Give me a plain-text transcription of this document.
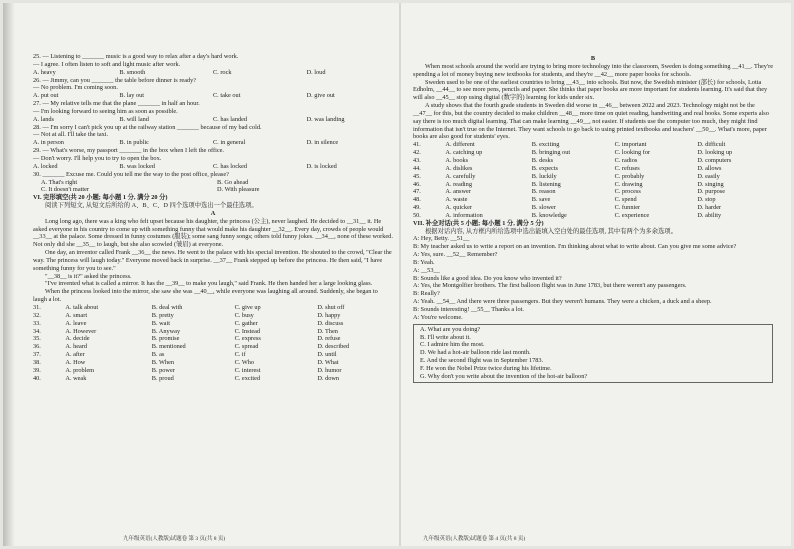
25. — Listening to _______ music is a good way to relax after a day's hard work.
— I agree. I often listen to soft and light music after work.
A. heavy	B. smooth	C. rock	D. loud
26. — Jimmy, can you _______ the table before dinner is ready?
— No problem. I'm coming soon.
A. put out	B. lay out	C. take out	D. give out
27. — My relative tells me that the plane _______ in half an hour.
— I'm looking forward to seeing him as soon as possible.
A. lands	B. will land	C. has landed	D. was landing
28. — I'm sorry I can't pick you up at the railway station _______ because of my bad cold.
— Not at all. I'll take the taxi.
A. in person	B. in public	C. in general	D. in silence
29. — What's worse, my passport _______ in the box when I left the office.
— Don't worry. I'll help you to try to open the box.
A. locked	B. was locked	C. has locked	D. is locked
30. _______ Excuse me. Could you tell me the way to the post office, please?
A. That's right	B. Go ahead
C. It doesn't matter	D. With pleasure
VI. 完形填空(共 20 小题; 每小题 1 分, 满分 20 分)
阅读下列短文, 从短文后所给的 A、B、C、D 四个选项中选出一个最佳选项。
A
Long long ago, there was a king who felt upset because his daughter, the princess (公主), never laughed. He decided to __31__ it. He asked everyone in his country to come up with something funny that would make his daughter __32__. Every day, crowds of people would __33__ at the palace. Some dressed in funny costumes (服装); some sang funny songs; others told funny jokes. __34__, none of these worked. Not only did she __35__ to laugh, but she also scowled (皱眉) at everyone.
One day, an inventor called Frank __36__ the news. He went to the palace with his special invention. He shouted to the crowd, "Clear the way. The princess will laugh today." Everyone moved back in surprise. __37__ Frank stepped up before the princess. He then said, "I have something funny for you to see."
"__38__ is it?" asked the princess.
"I've invented what is called a mirror. It has the __39__ to make you laugh," said Frank. He then handed her a large looking glass.
When the princess looked into the mirror, she saw she was __40__, while everyone was laughing all around. Suddenly, she began to laugh a lot.
31.	A. talk about	B. deal with	C. give up	D. shut off
32.	A. smart	B. pretty	C. busy	D. happy
33.	A. leave	B. wait	C. gather	D. discuss
34.	A. However	B. Anyway	C. Instead	D. Then
35.	A. decide	B. promise	C. express	D. refuse
36.	A. heard	B. mentioned	C. spread	D. described
37.	A. after	B. as	C. if	D. until
38.	A. How	B. When	C. Who	D. What
39.	A. problem	B. power	C. interest	D. humor
40.	A. weak	B. proud	C. excited	D. down
九年级英语(人教版)试题卷 第 3 页(共 8 页)
B
When most schools around the world are trying to bring more technology into the classroom, Sweden is doing something __41__. They're spending a lot of money buying new textbooks for students, and they're __42__ more paper books for schools.
Sweden used to be one of the earliest countries to bring __43__ into schools. But now, the Swedish minister (部长) for schools, Lotta Edholm, __44__ to see more pens, pencils and paper. She thinks that paper books are more important for students learning. It's said that they will also __45__ stop using digital (数字的) learning for kids under six.
A study shows that the fourth grade students in Sweden did worse in __46__ between 2022 and 2023. Technology might not be the __47__ for this, but the country decided to make children __48__ more time on quiet reading, handwriting and real books. Some experts also say there is too much digital learning. That can make learning __49__, not easier. If students use the computer too much, they might find information that isn't true on the Internet. They want schools to go back to using printed textbooks and teachers' __50__. What's more, paper books are also good for students' eyes.
41.	A. different	B. exciting	C. important	D. difficult
42.	A. catching up	B. bringing out	C. looking for	D. looking up
43.	A. books	B. desks	C. radios	D. computers
44.	A. dislikes	B. expects	C. refuses	D. allows
45.	A. carefully	B. luckily	C. probably	D. easily
46.	A. reading	B. listening	C. drawing	D. singing
47.	A. answer	B. reason	C. process	D. purpose
48.	A. waste	B. save	C. spend	D. stop
49.	A. quicker	B. slower	C. funnier	D. harder
50.	A. information	B. knowledge	C. experience	D. ability
VII. 补全对话(共 5 小题; 每小题 1 分, 满分 5 分)
根据对话内容, 从方框内所给选项中选出能填入空白处的最佳选项, 其中有两个为多余选项。
A: Hey, Betty. __51__
B: My teacher asked us to write a report on an invention. I'm thinking about what to write about. Can you give me some advice?
A: Yes, sure. __52__ Remember?
B: Yeah.
A: __53__
B: Sounds like a good idea. Do you know who invented it?
A: Yes, the Montgolfier brothers. The first balloon flight was in June 1783, but there weren't any passengers.
B: Really?
A: Yeah. __54__ And there were three passengers. But they weren't humans. They were a chicken, a duck and a sheep.
B: Sounds interesting! __55__ Thanks a lot.
A: You're welcome.
A. What are you doing?
B. I'll write about it.
C. I admire him the most.
D. We had a hot-air balloon ride last month.
E. And the second flight was in September 1783.
F. He won the Nobel Prize twice during his lifetime.
G. Why don't you write about the invention of the hot-air balloon?
九年级英语(人教版)试题卷 第 4 页(共 8 页)
